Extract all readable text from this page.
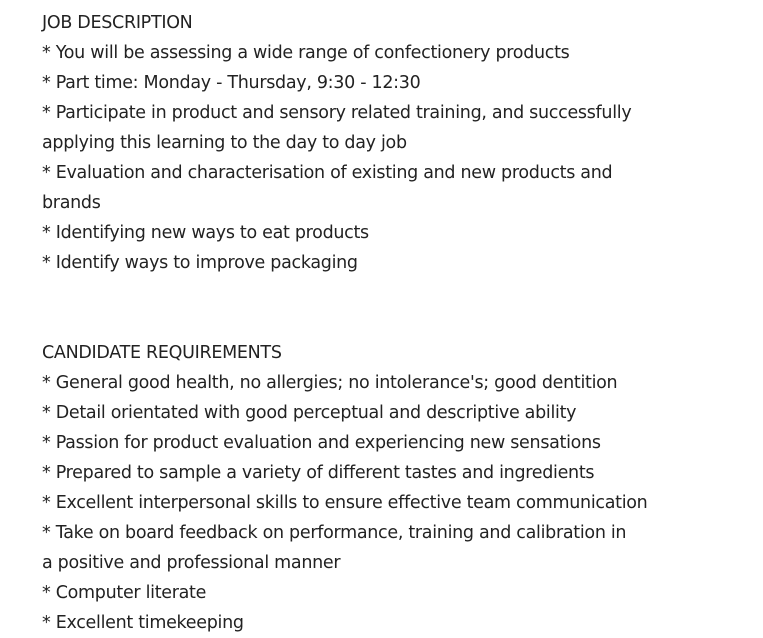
JOB DESCRIPTION
* You will be assessing a wide range of confectionery products
* Part time: Monday - Thursday, 9:30 - 12:30
* Participate in product and sensory related training, and successfully
applying this learning to the day to day job
* Evaluation and characterisation of existing and new products and
brands
* Identifying new ways to eat products
* Identify ways to improve packaging
CANDIDATE REQUIREMENTS
* General good health, no allergies; no intolerance's; good dentition
* Detail orientated with good perceptual and descriptive ability
* Passion for product evaluation and experiencing new sensations
* Prepared to sample a variety of different tastes and ingredients
* Excellent interpersonal skills to ensure effective team communication
* Take on board feedback on performance, training and calibration in
a positive and professional manner
* Computer literate
* Excellent timekeeping
